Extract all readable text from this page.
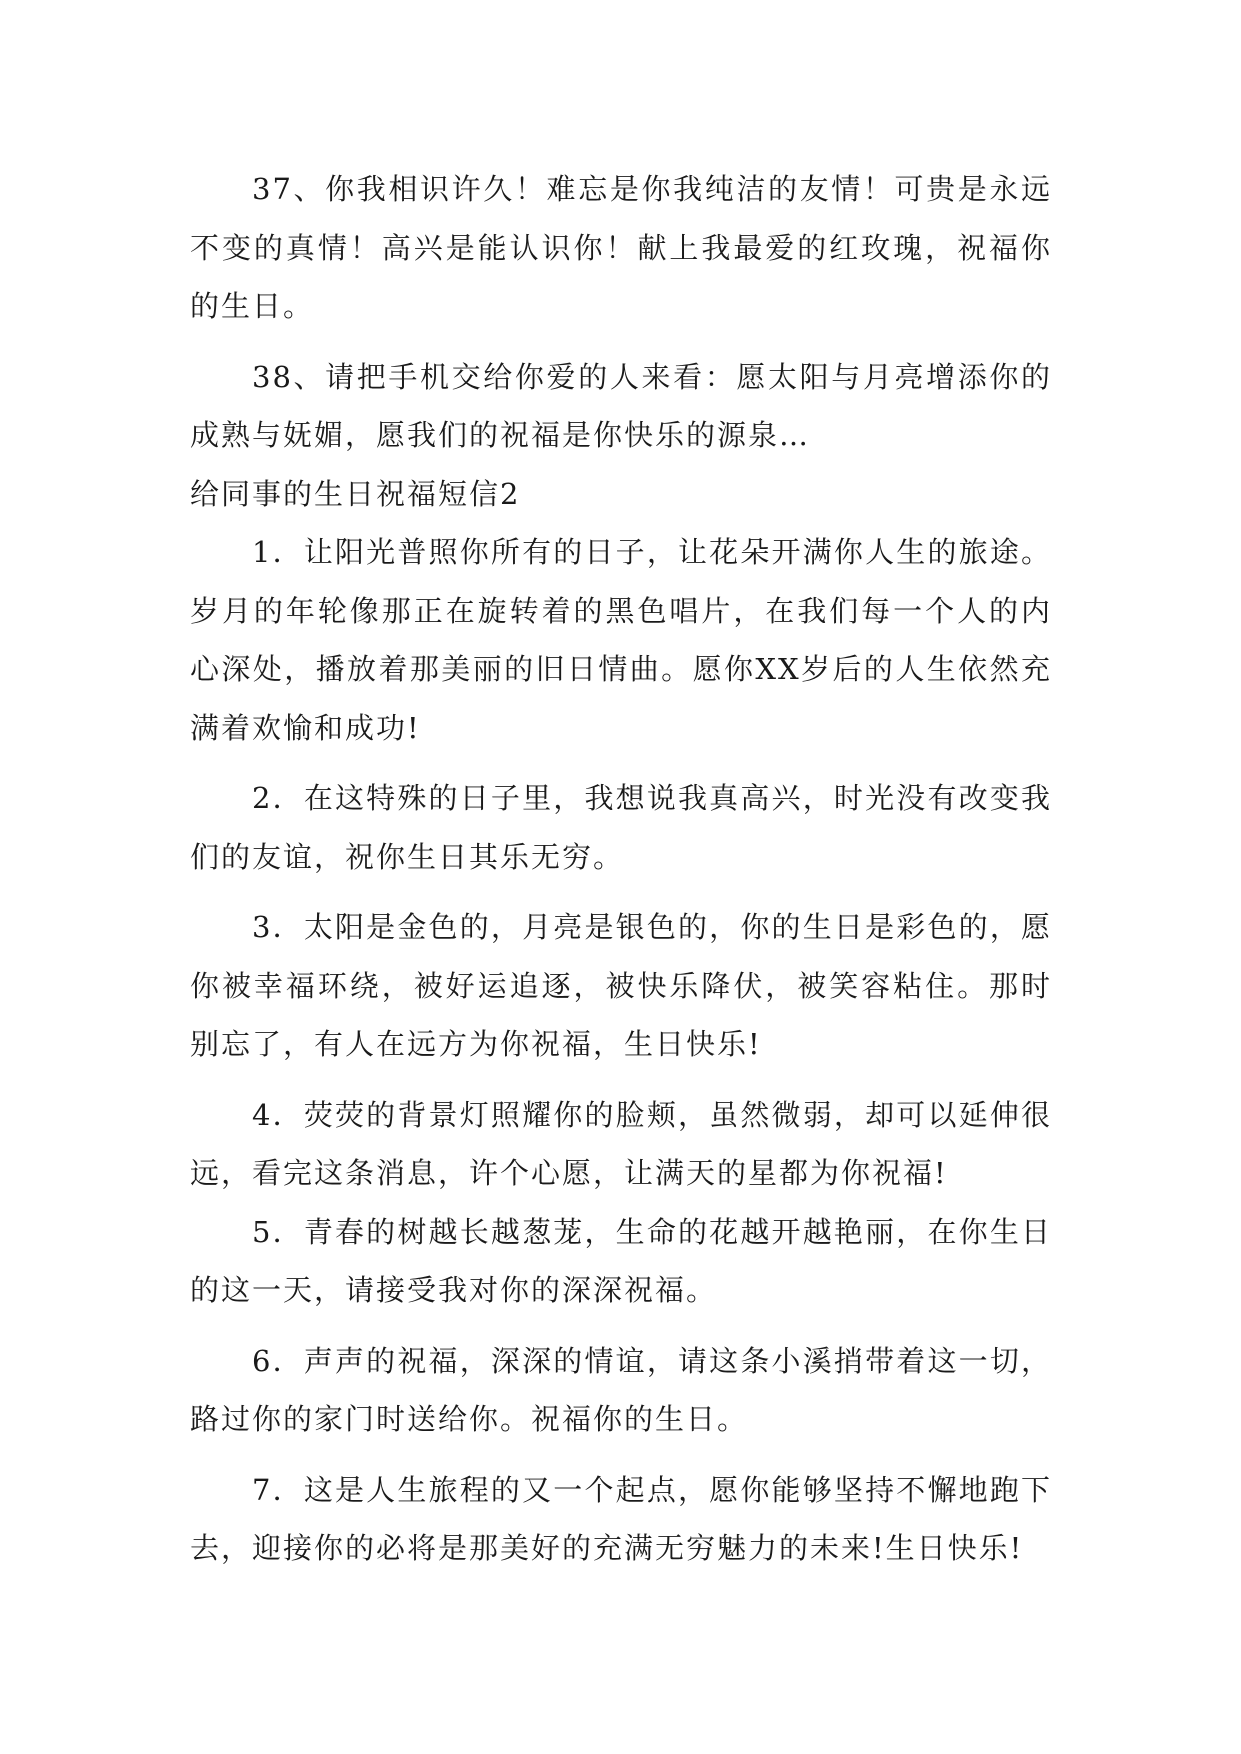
37、你我相识许久！难忘是你我纯洁的友情！可贵是永远不变的真情！高兴是能认识你！献上我最爱的红玫瑰，祝福你的生日。

38、请把手机交给你爱的人来看：愿太阳与月亮增添你的成熟与妩媚，愿我们的祝福是你快乐的源泉…

给同事的生日祝福短信2

1．让阳光普照你所有的日子，让花朵开满你人生的旅途。岁月的年轮像那正在旋转着的黑色唱片，在我们每一个人的内心深处，播放着那美丽的旧日情曲。愿你XX岁后的人生依然充满着欢愉和成功!

2．在这特殊的日子里，我想说我真高兴，时光没有改变我们的友谊，祝你生日其乐无穷。

3．太阳是金色的，月亮是银色的，你的生日是彩色的，愿你被幸福环绕，被好运追逐，被快乐降伏，被笑容粘住。那时别忘了，有人在远方为你祝福，生日快乐!

4．荧荧的背景灯照耀你的脸颊，虽然微弱，却可以延伸很远，看完这条消息，许个心愿，让满天的星都为你祝福!

5．青春的树越长越葱茏，生命的花越开越艳丽，在你生日的这一天，请接受我对你的深深祝福。

6．声声的祝福，深深的情谊，请这条小溪捎带着这一切，路过你的家门时送给你。祝福你的生日。

7．这是人生旅程的又一个起点，愿你能够坚持不懈地跑下去，迎接你的必将是那美好的充满无穷魅力的未来!生日快乐!
